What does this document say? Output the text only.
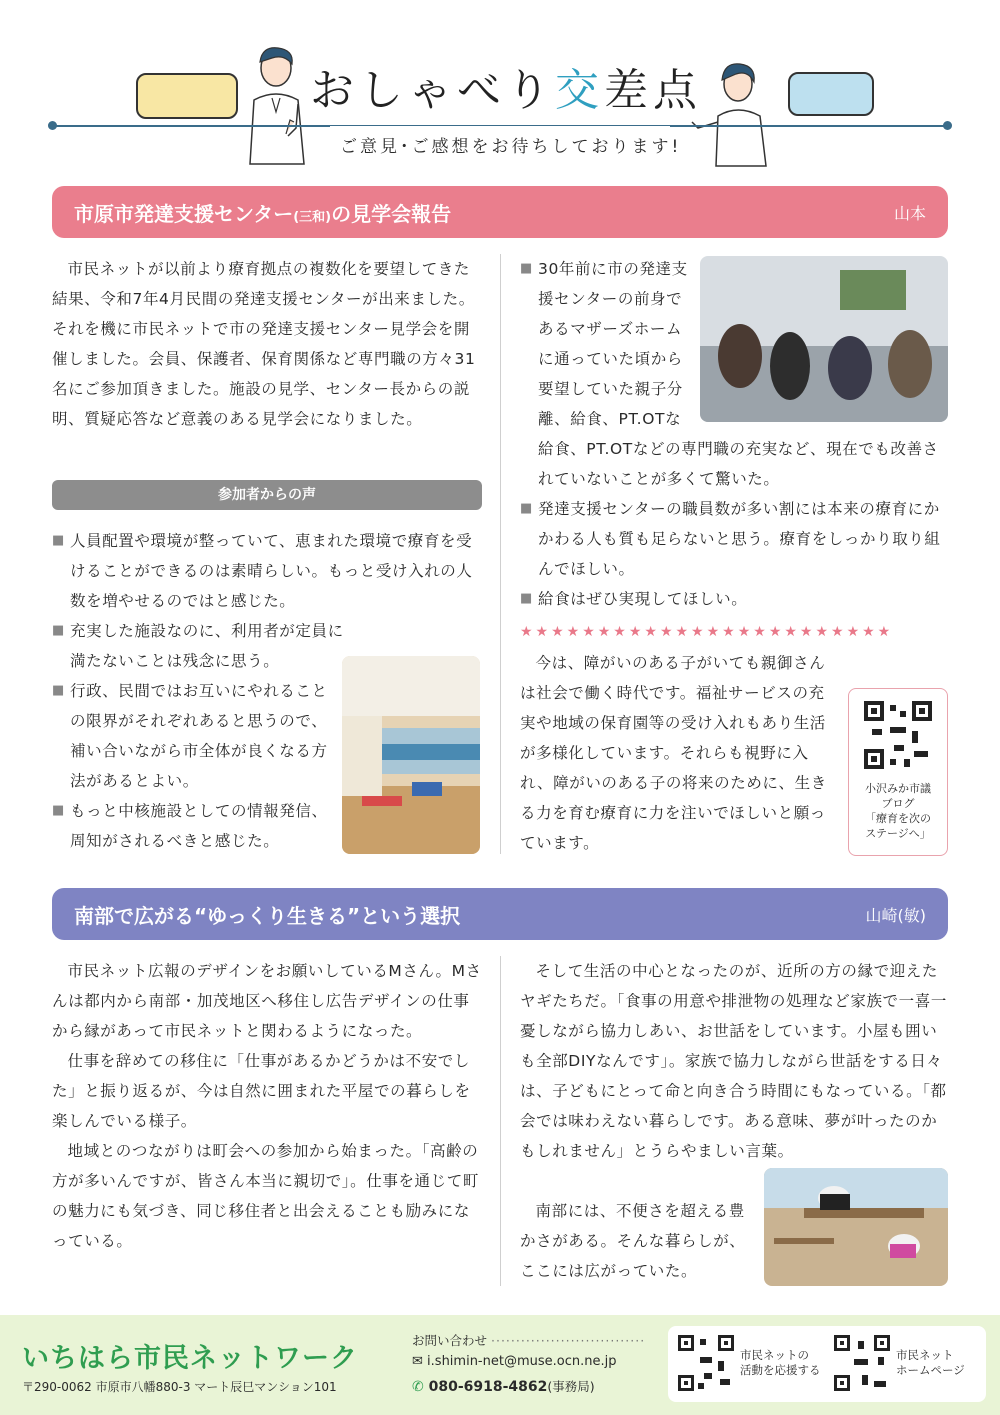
おしゃべり交差点
ご意見･ご感想をお待ちしております!
市原市発達支援センター(三和)の見学会報告	山本

市民ネットが以前より療育拠点の複数化を要望してきた結果、令和7年4月民間の発達支援センターが出来ました。それを機に市民ネットで市の発達支援センター見学会を開催しました。会員、保護者、保育関係など専門職の方々31名にご参加頂きました。施設の見学、センター長からの説明、質疑応答など意義のある見学会になりました。

参加者からの声
■ 人員配置や環境が整っていて、恵まれた環境で療育を受けることができるのは素晴らしい。もっと受け入れの人数を増やせるのではと感じた。
■ 充実した施設なのに、利用者が定員に満たないことは残念に思う。
■ 行政、民間ではお互いにやれることの限界がそれぞれあると思うので、補い合いながら市全体が良くなる方法があるとよい。
■ もっと中核施設としての情報発信、周知がされるべきと感じた。
■ 30年前に市の発達支援センターの前身であるマザーズホームに通っていた頃から要望していた親子分離、給食、PT.OTな

給食、PT.OTなどの専門職の充実など、現在でも改善されていないことが多くて驚いた。

■ 発達支援センターの職員数が多い割には本来の療育にかかわる人も質も足らないと思う。療育をしっかり取り組んでほしい。
■ 給食はぜひ実現してほしい。
★★★★★★★★★★★★★★★★★★★★★★★★

今は、障がいのある子がいても親御さんは社会で働く時代です。福祉サービスの充実や地域の保育園等の受け入れもあり生活が多様化しています。それらも視野に入れ、障がいのある子の将来のために、生きる力を育む療育に力を注いでほしいと願っています。

小沢みか市議
ブログ
「療育を次の
ステージへ」
南部で広がる“ゆっくり生きる”という選択	山崎(敏)

市民ネット広報のデザインをお願いしているMさん。Mさんは都内から南部・加茂地区へ移住し広告デザインの仕事から縁があって市民ネットと関わるようになった。

仕事を辞めての移住に「仕事があるかどうかは不安でした」と振り返るが、今は自然に囲まれた平屋での暮らしを楽しんでいる様子。

地域とのつながりは町会への参加から始まった。「高齢の方が多いんですが、皆さん本当に親切で」。仕事を通じて町の魅力にも気づき、同じ移住者と出会えることも励みになっている。

そして生活の中心となったのが、近所の方の縁で迎えたヤギたちだ。「食事の用意や排泄物の処理など家族で一喜一憂しながら協力しあい、お世話をしています。小屋も囲いも全部DIYなんです」。家族で協力しながら世話をする日々は、子どもにとって命と向き合う時間にもなっている。「都会では味わえない暮らしです。ある意味、夢が叶ったのかもしれません」とうらやましい言葉。

南部には、不便さを超える豊かさがある。そんな暮らしが、ここには広がっていた。

いちはら市民ネットワーク
〒290-0062 市原市八幡880-3 マート辰巳マンション101
お問い合わせ ·······························
✉ i.shimin-net@muse.ocn.ne.jp
✆ 080-6918-4862(事務局)
市民ネットの
活動を応援する
市民ネット
ホームページ
